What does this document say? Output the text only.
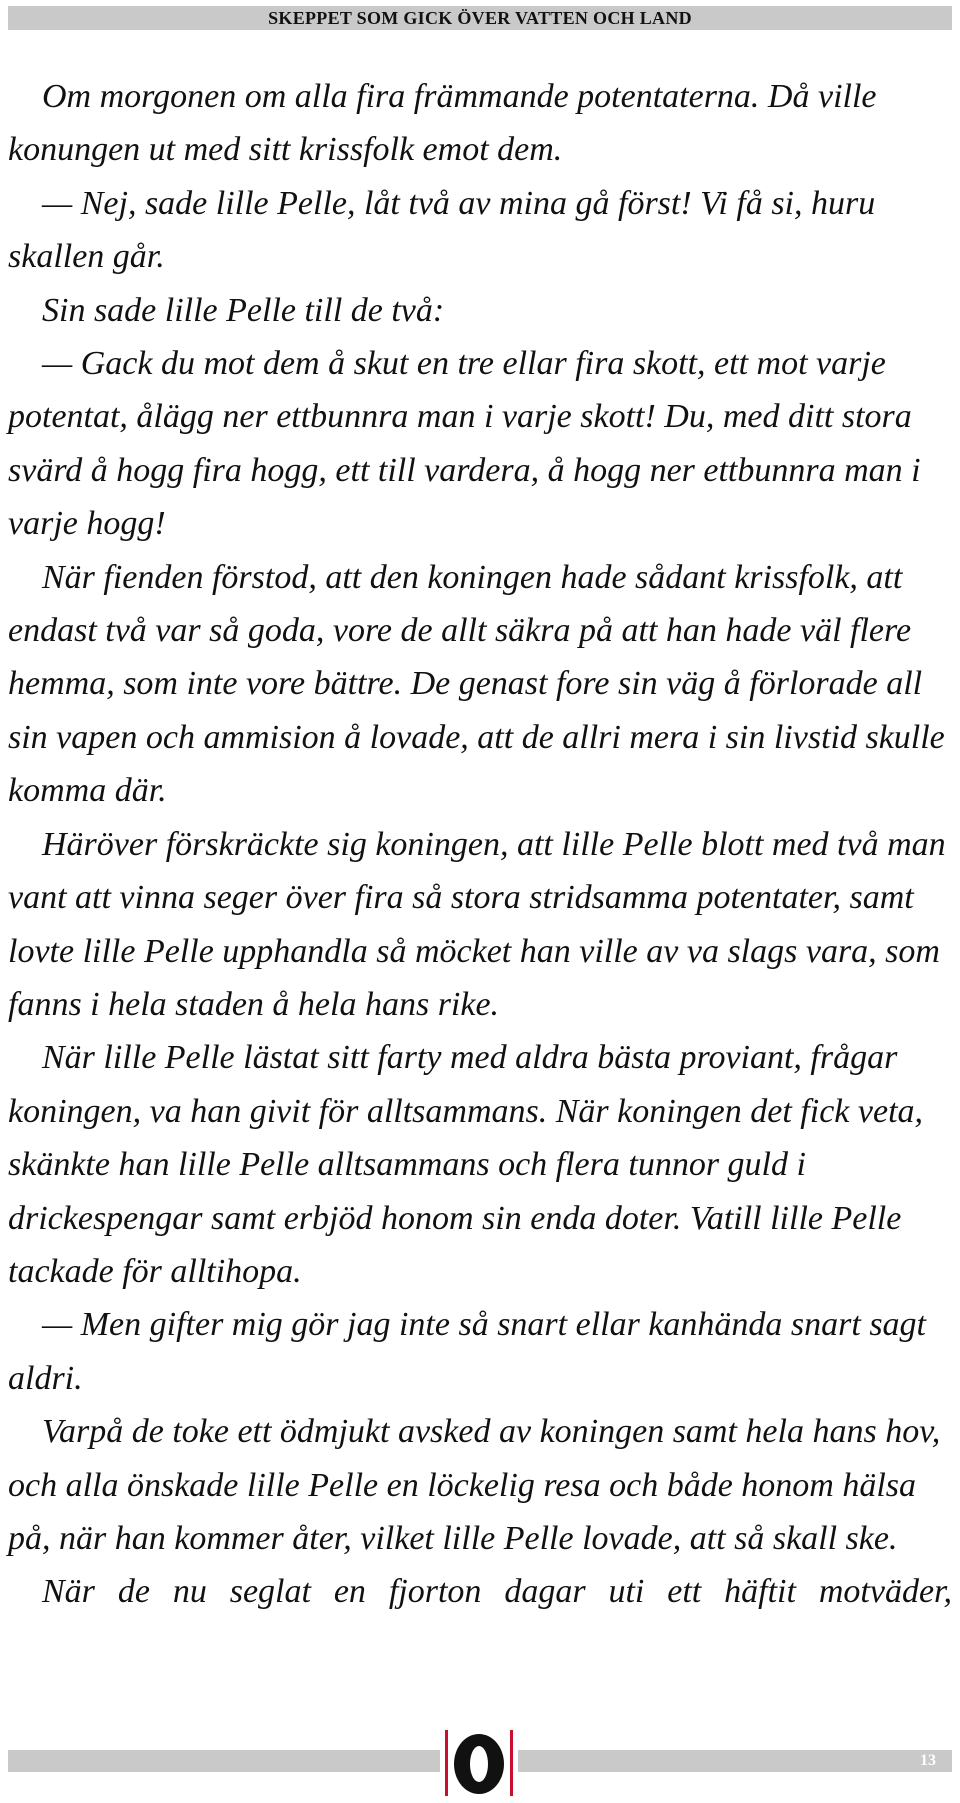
SKEPPET SOM GICK ÖVER VATTEN OCH LAND

Om morgonen om alla fira främmande potentaterna. Då ville konungen ut med sitt krissfolk emot dem.

— Nej, sade lille Pelle, låt två av mina gå först! Vi få si, huru skallen går.

Sin sade lille Pelle till de två:

— Gack du mot dem å skut en tre ellar fira skott, ett mot varje potentat, ålägg ner ettbunnra man i varje skott! Du, med ditt stora svärd å hogg fira hogg, ett till vardera, å hogg ner ettbunnra man i varje hogg!

När fienden förstod, att den koningen hade sådant krissfolk, att endast två var så goda, vore de allt säkra på att han hade väl flere hemma, som inte vore bättre. De genast fore sin väg å förlorade all sin vapen och ammision å lovade, att de allri mera i sin livstid skulle komma där.

Häröver förskräckte sig koningen, att lille Pelle blott med två man vant att vinna seger över fira så stora stridsamma potentater, samt lovte lille Pelle upphandla så möcket han ville av va slags vara, som fanns i hela staden å hela hans rike.

När lille Pelle lästat sitt farty med aldra bästa proviant, frågar koningen, va han givit för alltsammans. När koningen det fick veta, skänkte han lille Pelle alltsammans och flera tunnor guld i drickespengar samt erbjöd honom sin enda doter. Vatill lille Pelle tackade för alltihopa.

— Men gifter mig gör jag inte så snart ellar kanhända snart sagt aldri.

Varpå de toke ett ödmjukt avsked av koningen samt hela hans hov, och alla önskade lille Pelle en löckelig resa och både honom hälsa på, när han kommer åter, vilket lille Pelle lovade, att så skall ske.

När de nu seglat en fjorton dagar uti ett häftit motväder,

13
